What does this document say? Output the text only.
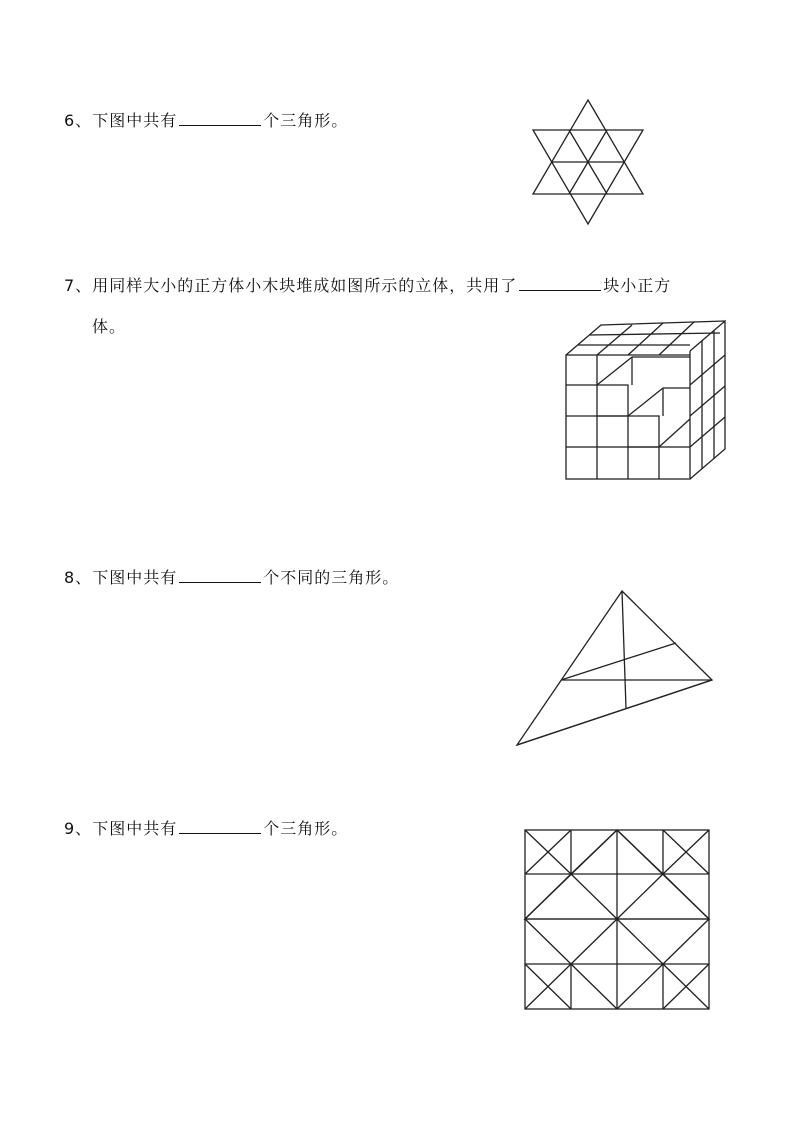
6、下图中共有	个三角形。
7、用同样大小的正方体小木块堆成如图所示的立体，共用了	块小正方
体。
8、下图中共有	个不同的三角形。
9、下图中共有	个三角形。
